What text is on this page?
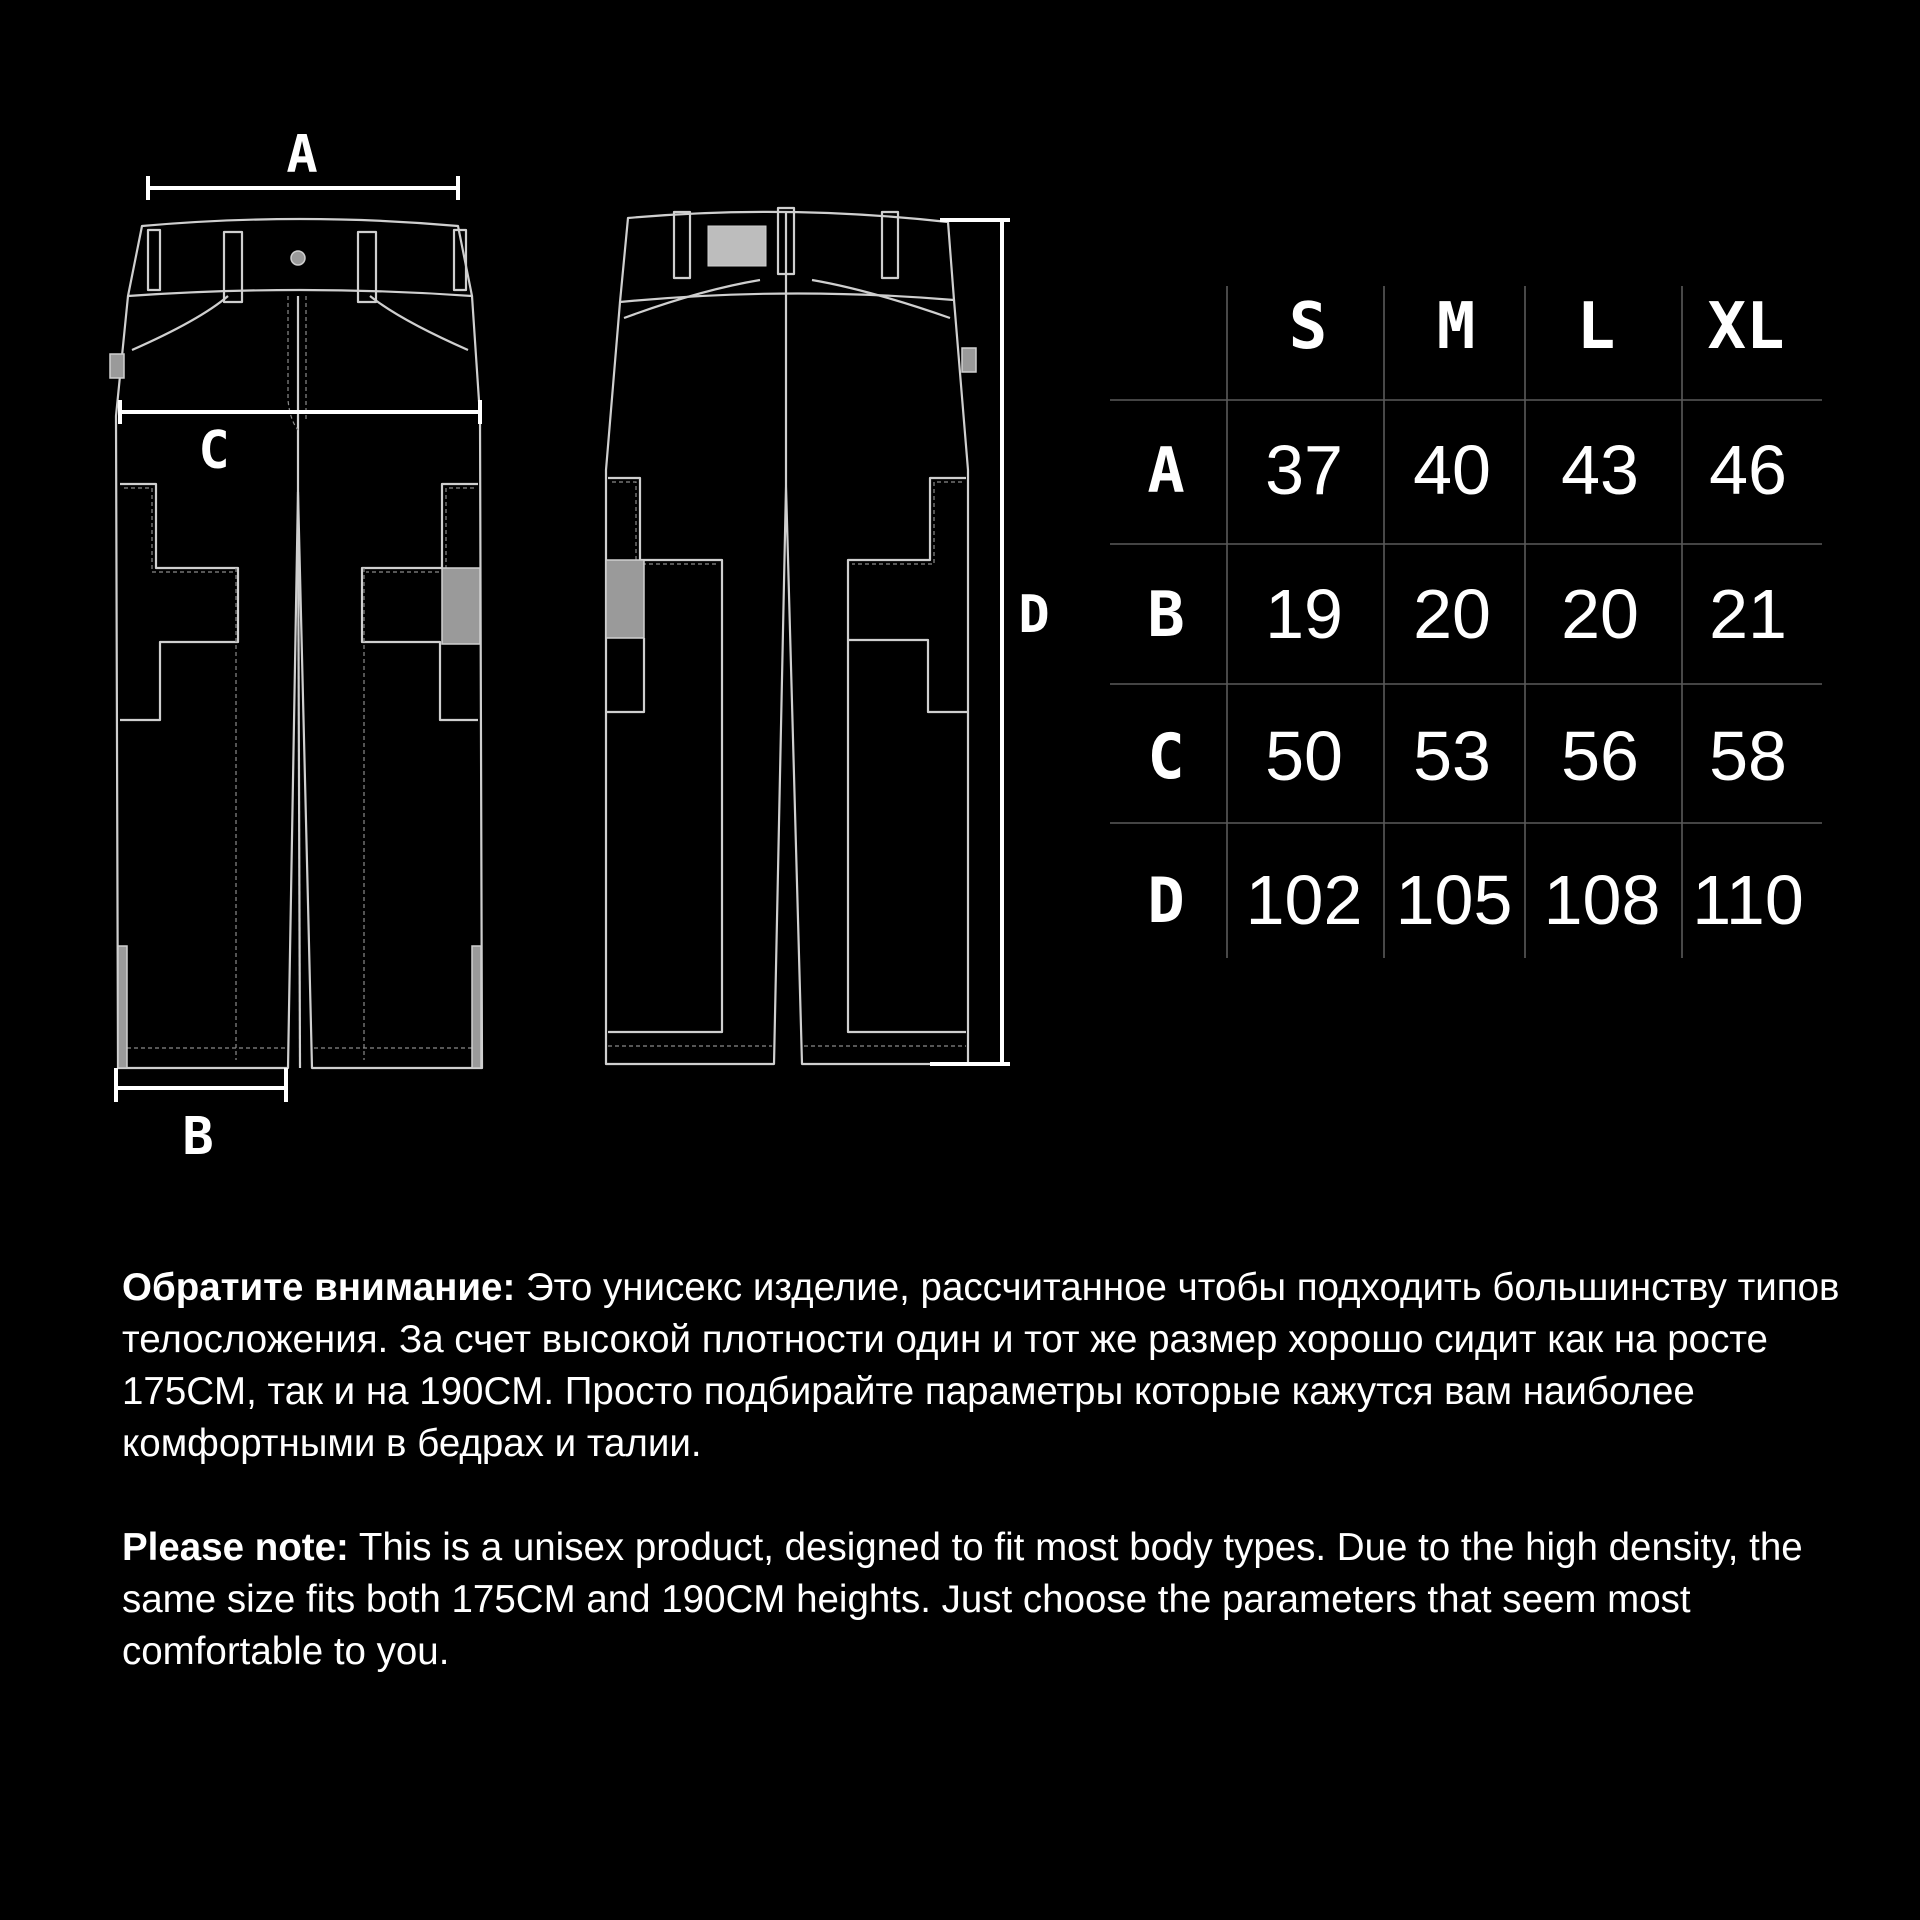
A
C
B
D
S M L XL
A 37 40 43 46
B 19 20 20 21
C 50 53 56 58
D 102 105 108 110

Обратите внимание: Это унисекс изделие, рассчитанное чтобы подходить большинству типов телосложения. За счет высокой плотности один и тот же размер хорошо сидит как на росте 175CM, так и на 190CM. Просто подбирайте параметры которые кажутся вам наиболее комфортными в бедрах и талии.

Please note: This is a unisex product, designed to fit most body types. Due to the high density, the same size fits both 175CM and 190CM heights. Just choose the parameters that seem most comfortable to you.
